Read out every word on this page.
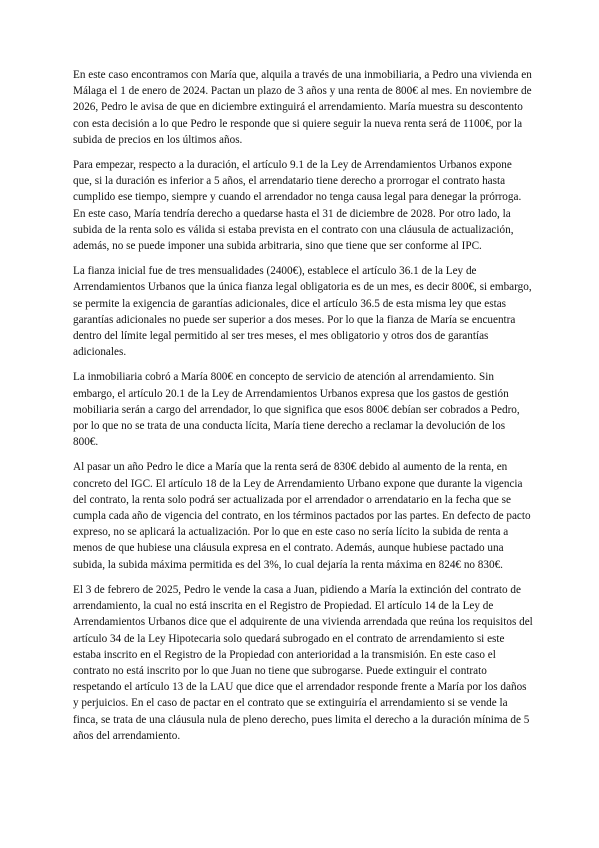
En este caso encontramos con María que, alquila a través de una inmobiliaria, a Pedro una vivienda en Málaga el 1 de enero de 2024. Pactan un plazo de 3 años y una renta de 800€ al mes. En noviembre de 2026, Pedro le avisa de que en diciembre extinguirá el arrendamiento. María muestra su descontento con esta decisión a lo que Pedro le responde que si quiere seguir la nueva renta será de 1100€, por la subida de precios en los últimos años.

Para empezar, respecto a la duración, el artículo 9.1 de la Ley de Arrendamientos Urbanos expone que, si la duración es inferior a 5 años, el arrendatario tiene derecho a prorrogar el contrato hasta cumplido ese tiempo, siempre y cuando el arrendador no tenga causa legal para denegar la prórroga. En este caso, María tendría derecho a quedarse hasta el 31 de diciembre de 2028. Por otro lado, la subida de la renta solo es válida si estaba prevista en el contrato con una cláusula de actualización, además, no se puede imponer una subida arbitraria, sino que tiene que ser conforme al IPC.

La fianza inicial fue de tres mensualidades (2400€), establece el artículo 36.1 de la Ley de Arrendamientos Urbanos que la única fianza legal obligatoria es de un mes, es decir 800€, si embargo, se permite la exigencia de garantías adicionales, dice el artículo 36.5 de esta misma ley que estas garantías adicionales no puede ser superior a dos meses. Por lo que la fianza de María se encuentra dentro del límite legal permitido al ser tres meses, el mes obligatorio y otros dos de garantías adicionales.

La inmobiliaria cobró a María 800€ en concepto de servicio de atención al arrendamiento. Sin embargo, el artículo 20.1 de la Ley de Arrendamientos Urbanos expresa que los gastos de gestión mobiliaria serán a cargo del arrendador, lo que significa que esos 800€ debían ser cobrados a Pedro, por lo que no se trata de una conducta lícita, María tiene derecho a reclamar la devolución de los 800€.

Al pasar un año Pedro le dice a María que la renta será de 830€ debido al aumento de la renta, en concreto del IGC. El artículo 18 de la Ley de Arrendamiento Urbano expone que durante la vigencia del contrato, la renta solo podrá ser actualizada por el arrendador o arrendatario en la fecha que se cumpla cada año de vigencia del contrato, en los términos pactados por las partes. En defecto de pacto expreso, no se aplicará la actualización. Por lo que en este caso no sería lícito la subida de renta a menos de que hubiese una cláusula expresa en el contrato. Además, aunque hubiese pactado una subida, la subida máxima permitida es del 3%, lo cual dejaría la renta máxima en 824€ no 830€.

El 3 de febrero de 2025, Pedro le vende la casa a Juan, pidiendo a María la extinción del contrato de arrendamiento, la cual no está inscrita en el Registro de Propiedad. El artículo 14 de la Ley de Arrendamientos Urbanos dice que el adquirente de una vivienda arrendada que reúna los requisitos del artículo 34 de la Ley Hipotecaria solo quedará subrogado en el contrato de arrendamiento si este estaba inscrito en el Registro de la Propiedad con anterioridad a la transmisión. En este caso el contrato no está inscrito por lo que Juan no tiene que subrogarse. Puede extinguir el contrato respetando el artículo 13 de la LAU que dice que el arrendador responde frente a María por los daños y perjuicios. En el caso de pactar en el contrato que se extinguiría el arrendamiento si se vende la finca, se trata de una cláusula nula de pleno derecho, pues limita el derecho a la duración mínima de 5 años del arrendamiento.
